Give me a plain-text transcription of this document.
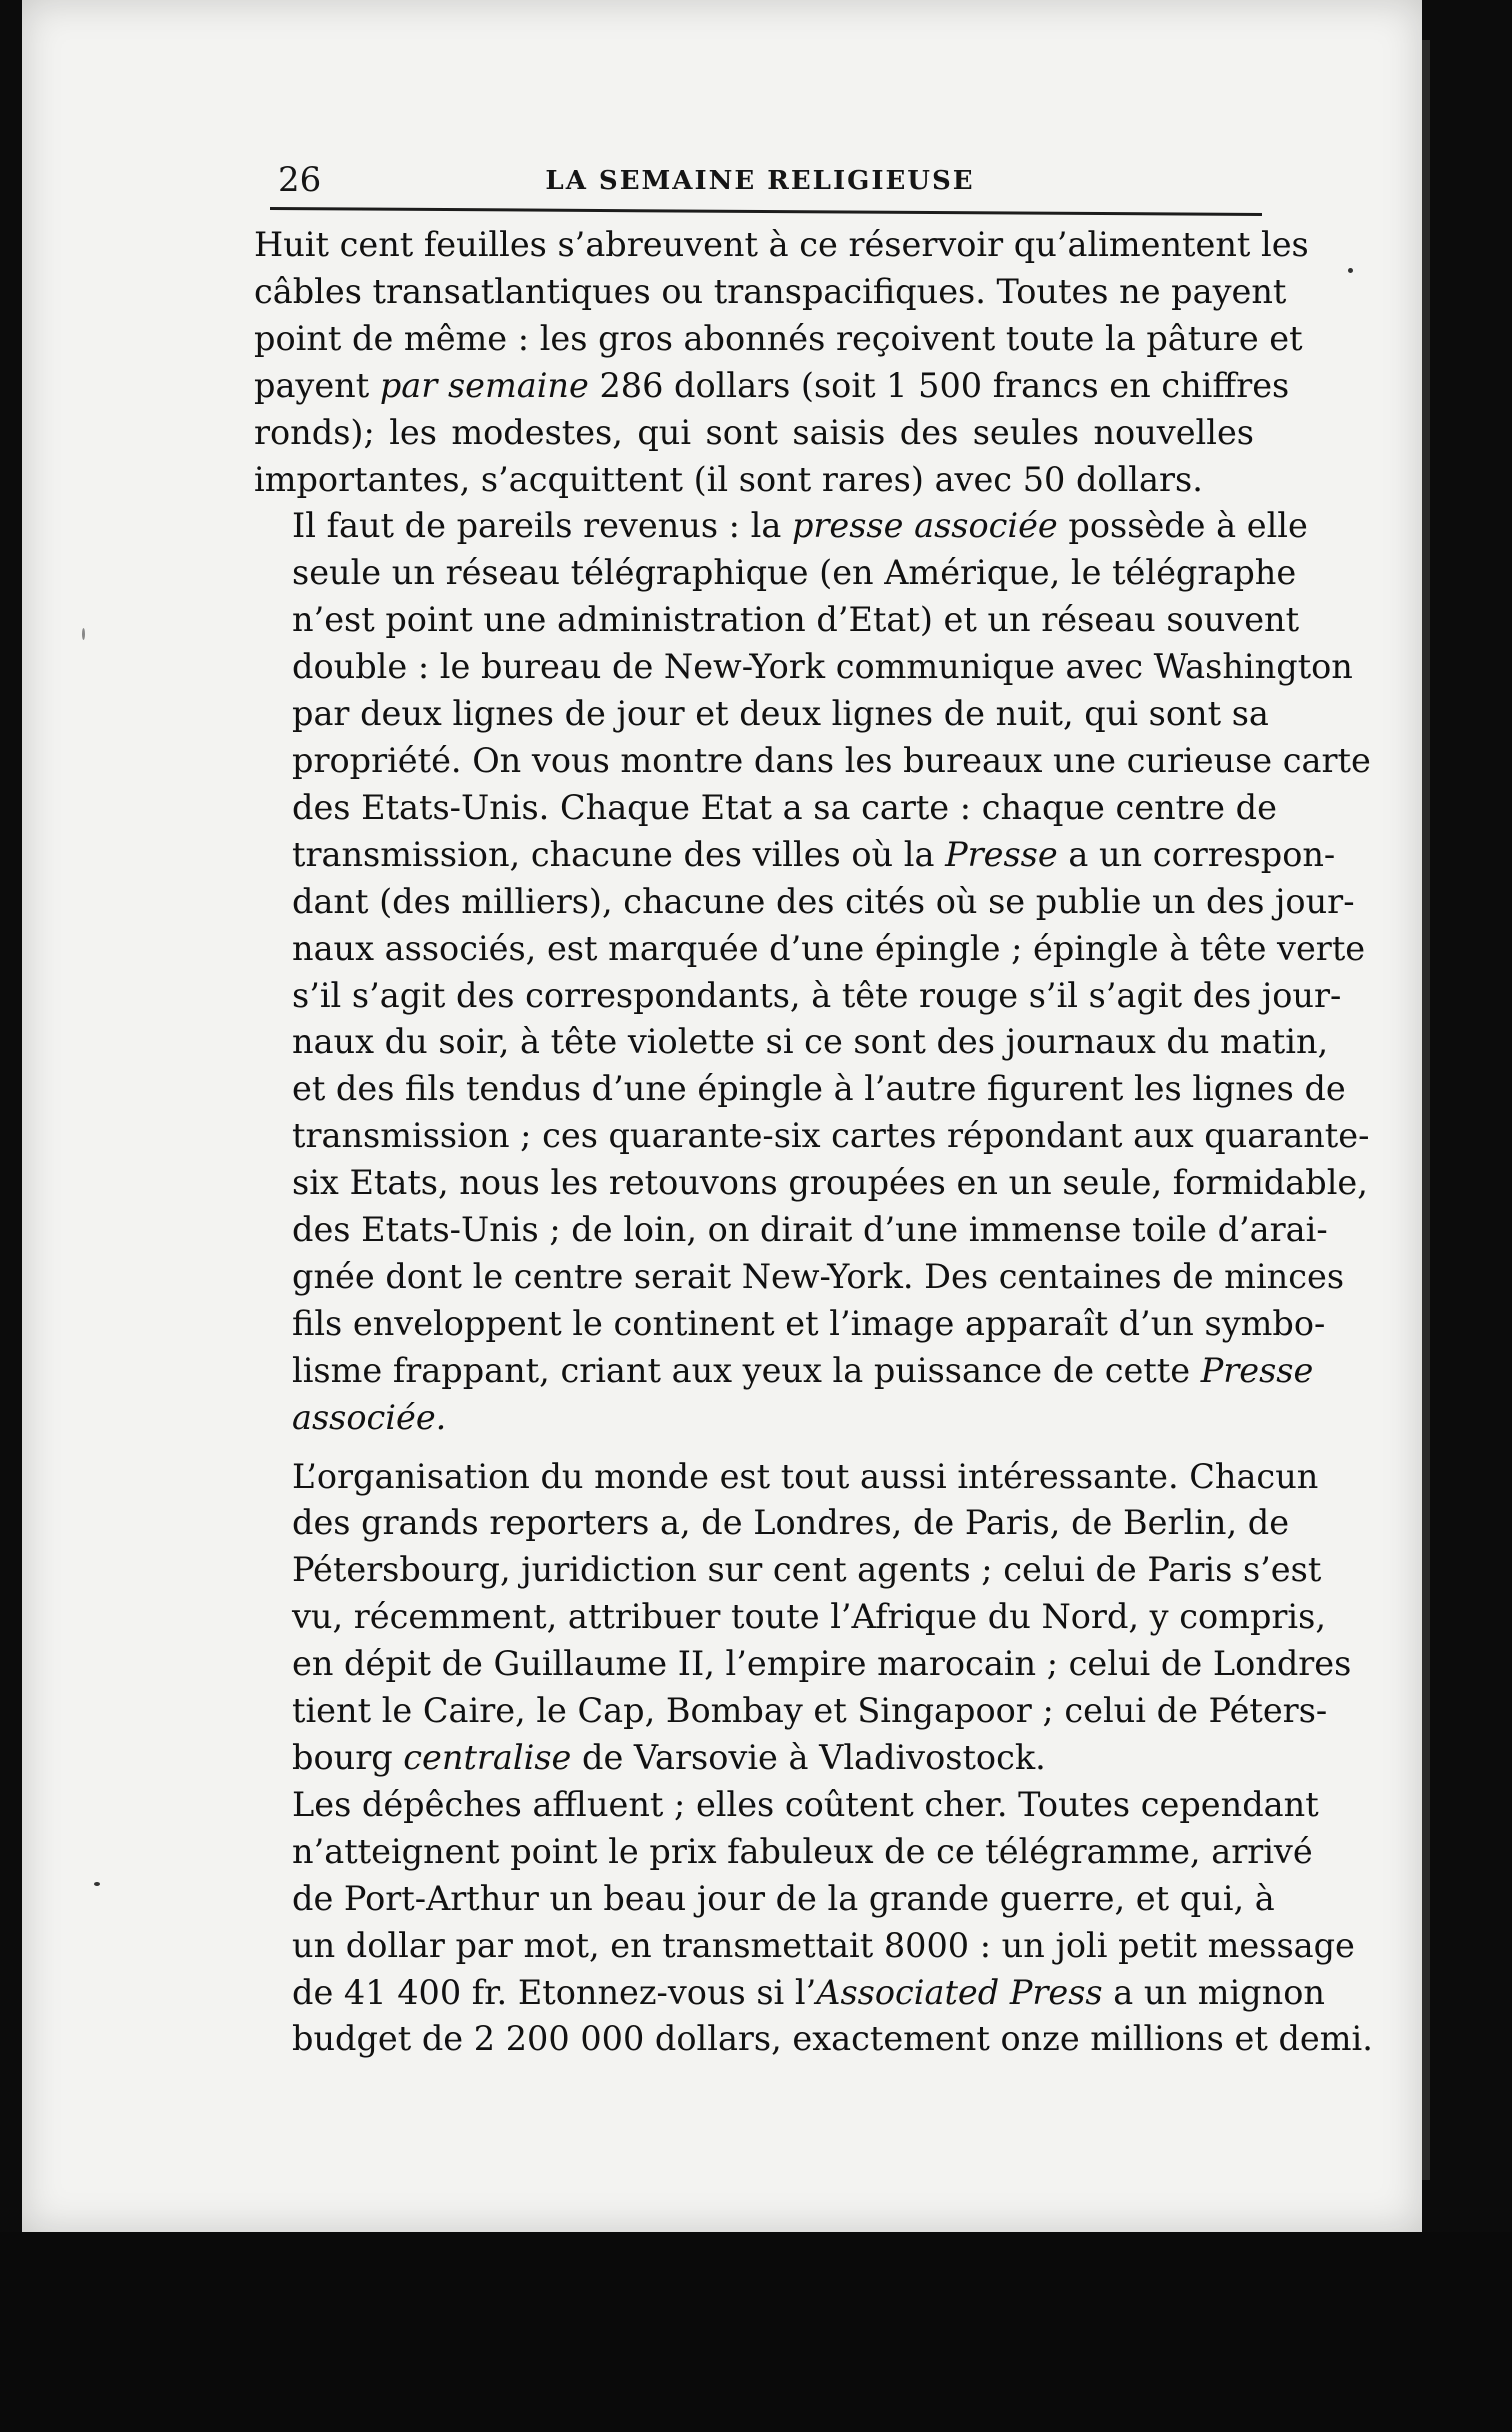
26	LA SEMAINE RELIGIEUSE

Huit cent feuilles s’abreuvent à ce réservoir qu’alimentent les
câbles transatlantiques ou transpacifiques. Toutes ne payent
point de même : les gros abonnés reçoivent toute la pâture et
payent par semaine 286 dollars (soit 1 500 francs en chiffres
ronds); les modestes, qui sont saisis des seules nouvelles
importantes, s’acquittent (il sont rares) avec 50 dollars.

Il faut de pareils revenus : la presse associée possède à elle
seule un réseau télégraphique (en Amérique, le télégraphe
n’est point une administration d’Etat) et un réseau souvent
double : le bureau de New-York communique avec Washington
par deux lignes de jour et deux lignes de nuit, qui sont sa
propriété. On vous montre dans les bureaux une curieuse carte
des Etats-Unis. Chaque Etat a sa carte : chaque centre de
transmission, chacune des villes où la Presse a un correspon-
dant (des milliers), chacune des cités où se publie un des jour-
naux associés, est marquée d’une épingle ; épingle à tête verte
s’il s’agit des correspondants, à tête rouge s’il s’agit des jour-
naux du soir, à tête violette si ce sont des journaux du matin,
et des fils tendus d’une épingle à l’autre figurent les lignes de
transmission ; ces quarante-six cartes répondant aux quarante-
six Etats, nous les retouvons groupées en un seule, formidable,
des Etats-Unis ; de loin, on dirait d’une immense toile d’arai-
gnée dont le centre serait New-York. Des centaines de minces
fils enveloppent le continent et l’image apparaît d’un symbo-
lisme frappant, criant aux yeux la puissance de cette Presse
associée.

L’organisation du monde est tout aussi intéressante. Chacun
des grands reporters a, de Londres, de Paris, de Berlin, de
Pétersbourg, juridiction sur cent agents ; celui de Paris s’est
vu, récemment, attribuer toute l’Afrique du Nord, y compris,
en dépit de Guillaume II, l’empire marocain ; celui de Londres
tient le Caire, le Cap, Bombay et Singapoor ; celui de Péters-
bourg centralise de Varsovie à Vladivostock.

Les dépêches affluent ; elles coûtent cher. Toutes cependant
n’atteignent point le prix fabuleux de ce télégramme, arrivé
de Port-Arthur un beau jour de la grande guerre, et qui, à
un dollar par mot, en transmettait 8000 : un joli petit message
de 41 400 fr. Etonnez-vous si l’Associated Press a un mignon
budget de 2 200 000 dollars, exactement onze millions et demi.
